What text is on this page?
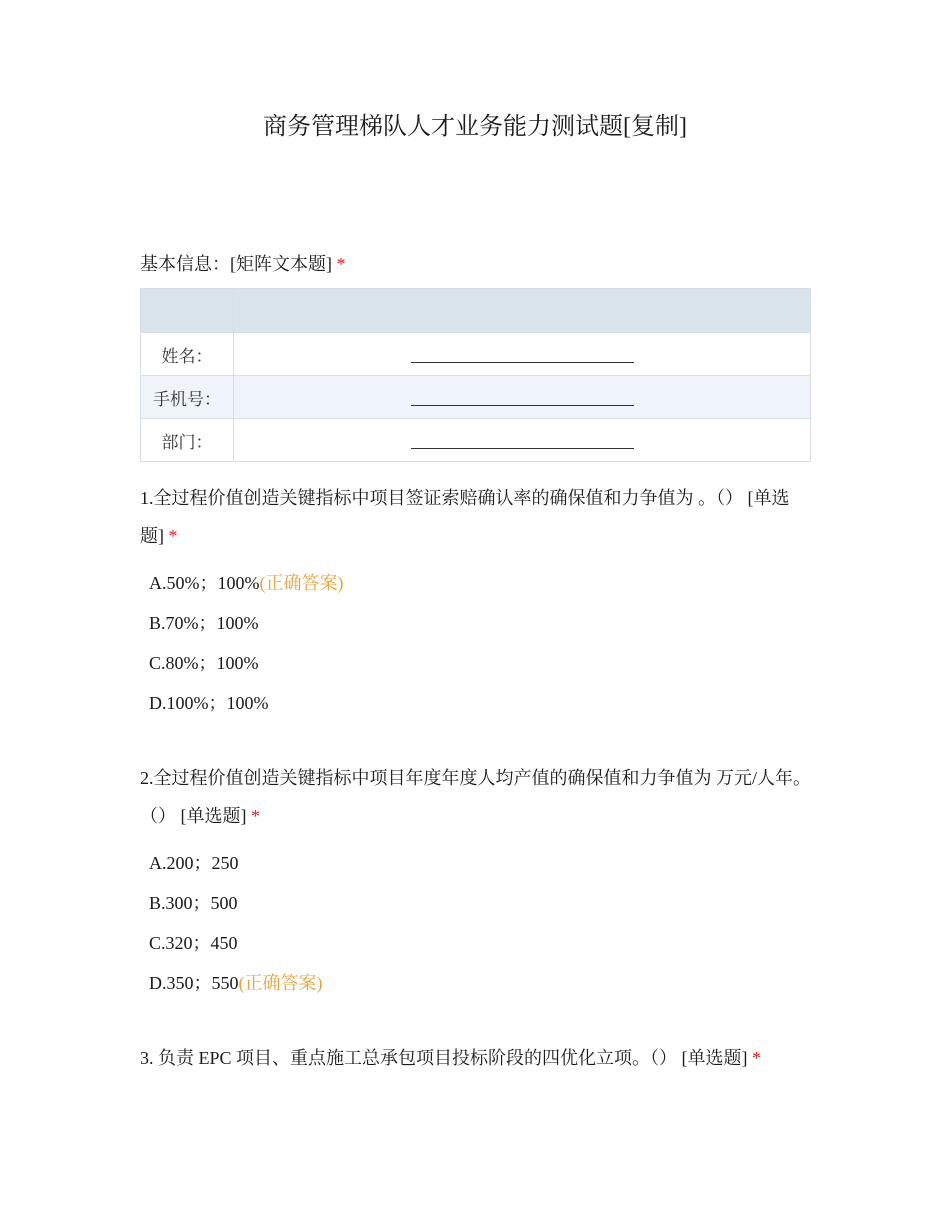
商务管理梯队人才业务能力测试题[复制]
基本信息：[矩阵文本题] *

姓名：	
手机号：	
部门：	
1.全过程价值创造关键指标中项目签证索赔确认率的确保值和力争值为 。（） [单选题] *
A.50%；100%(正确答案)
B.70%；100%
C.80%；100%
D.100%；100%
2.全过程价值创造关键指标中项目年度年度人均产值的确保值和力争值为 万元/人年。（） [单选题] *
A.200；250
B.300；500
C.320；450
D.350；550(正确答案)
3. 负责 EPC 项目、重点施工总承包项目投标阶段的四优化立项。（） [单选题] *
